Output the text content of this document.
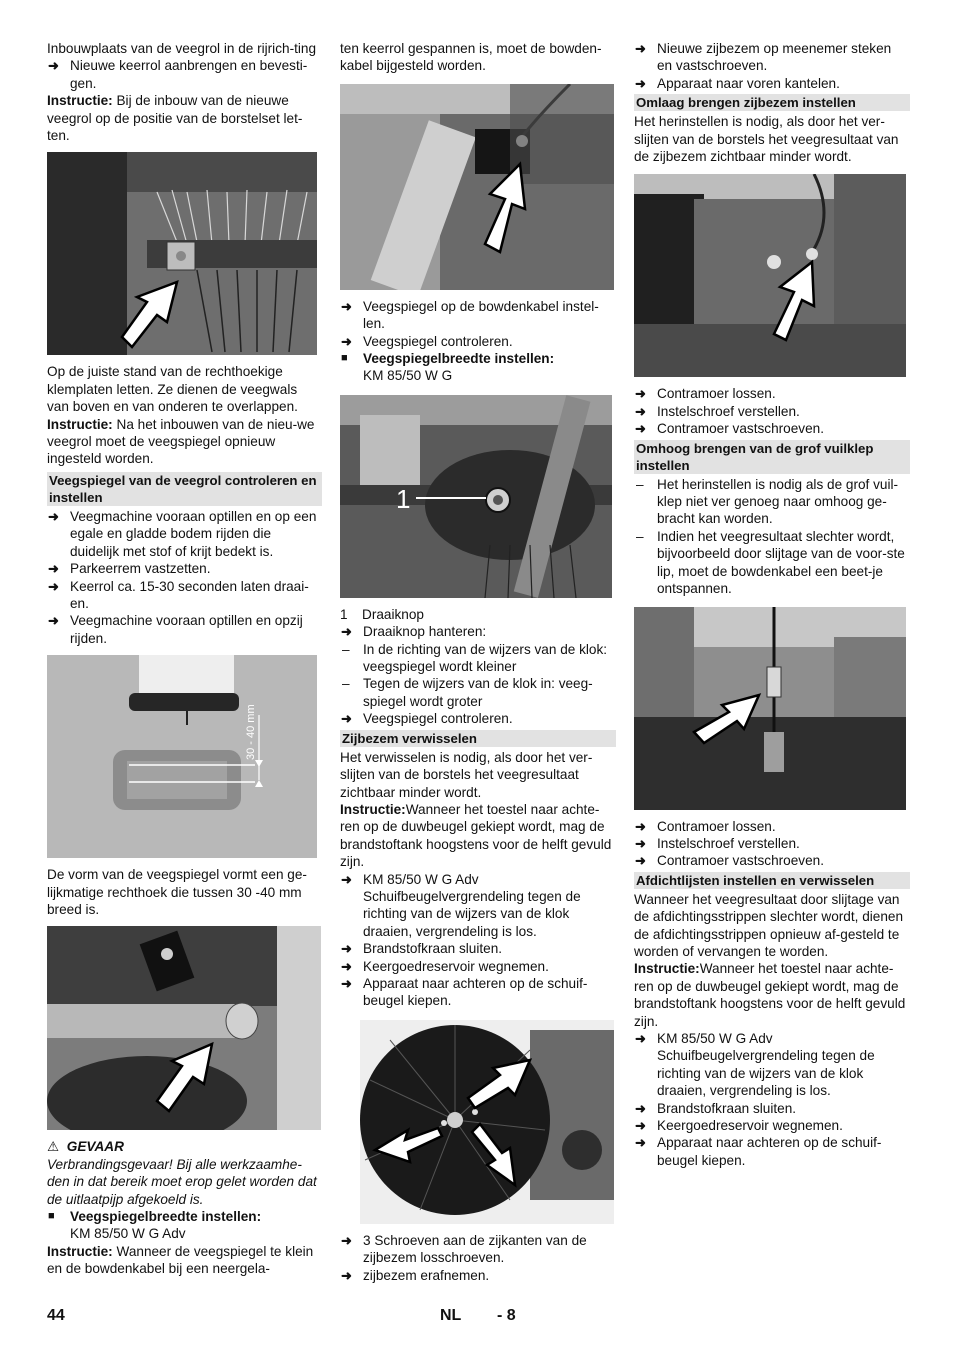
Inbouwplaats van de veegrol in de rijrich-ting

➜ Nieuwe keerrol aanbrengen en bevesti-gen.

Instructie: Bij de inbouw van de nieuwe veegrol op de positie van de borstelset let-ten.

Op de juiste stand van de rechthoekige klemplaten letten. Ze dienen de veegwals van boven en van onderen te overlappen.

Instructie: Na het inbouwen van de nieu-we veegrol moet de veegspiegel opnieuw ingesteld worden.

Veegspiegel van de veegrol controleren en instellen

➜ Veegmachine vooraan optillen en op een egale en gladde bodem rijden die duidelijk met stof of krijt bedekt is.

➜ Parkeerrem vastzetten.

➜ Keerrol ca. 15-30 seconden laten draai-en.

➜ Veegmachine vooraan optillen en opzij rijden.

30 - 40 mm

De vorm van de veegspiegel vormt een ge-lijkmatige rechthoek die tussen 30 -40 mm breed is.

⚠ GEVAAR

Verbrandingsgevaar! Bij alle werkzaamhe-den in dat bereik moet erop gelet worden dat de uitlaatpijp afgekoeld is.

■ Veegspiegelbreedte instellen:

KM 85/50 W G Adv

Instructie: Wanneer de veegspiegel te klein en de bowdenkabel bij een neergela-

ten keerrol gespannen is, moet de bowden-kabel bijgesteld worden.

➜ Veegspiegel op de bowdenkabel instel-len.

➜ Veegspiegel controleren.

■ Veegspiegelbreedte instellen:

KM 85/50 W G

1

1 Draaiknop

➜ Draaiknop hanteren:

– In de richting van de wijzers van de klok: veegspiegel wordt kleiner

– Tegen de wijzers van de klok in: veeg-spiegel wordt groter

➜ Veegspiegel controleren.

Zijbezem verwisselen

Het verwisselen is nodig, als door het ver-slijten van de borstels het veegresultaat zichtbaar minder wordt.

Instructie:Wanneer het toestel naar achte-ren op de duwbeugel gekiept wordt, mag de brandstoftank hoogstens voor de helft gevuld zijn.

➜ KM 85/50 W G Adv

Schuifbeugelvergrendeling tegen de richting van de wijzers van de klok draaien, vergrendeling is los.

➜ Brandstofkraan sluiten.

➜ Keergoedreservoir wegnemen.

➜ Apparaat naar achteren op de schuif-beugel kiepen.

➜ 3 Schroeven aan de zijkanten van de zijbezem losschroeven.

➜ zijbezem erafnemen.

➜ Nieuwe zijbezem op meenemer steken en vastschroeven.

➜ Apparaat naar voren kantelen.

Omlaag brengen zijbezem instellen

Het herinstellen is nodig, als door het ver-slijten van de borstels het veegresultaat van de zijbezem zichtbaar minder wordt.

➜ Contramoer lossen.

➜ Instelschroef verstellen.

➜ Contramoer vastschroeven.

Omhoog brengen van de grof vuilklep instellen

– Het herinstellen is nodig als de grof vuil-klep niet ver genoeg naar omhoog ge-bracht kan worden.

– Indien het veegresultaat slechter wordt, bijvoorbeeld door slijtage van de voor-ste lip, moet de bowdenkabel een beet-je ontspannen.

➜ Contramoer lossen.

➜ Instelschroef verstellen.

➜ Contramoer vastschroeven.

Afdichtlijsten instellen en verwisselen

Wanneer het veegresultaat door slijtage van de afdichtingsstrippen slechter wordt, dienen de afdichtingsstrippen opnieuw af-gesteld te worden of vervangen te worden.

Instructie:Wanneer het toestel naar achte-ren op de duwbeugel gekiept wordt, mag de brandstoftank hoogstens voor de helft gevuld zijn.

➜ KM 85/50 W G Adv

Schuifbeugelvergrendeling tegen de richting van de wijzers van de klok draaien, vergrendeling is los.

➜ Brandstofkraan sluiten.

➜ Keergoedreservoir wegnemen.

➜ Apparaat naar achteren op de schuif-beugel kiepen.

44	NL - 8
